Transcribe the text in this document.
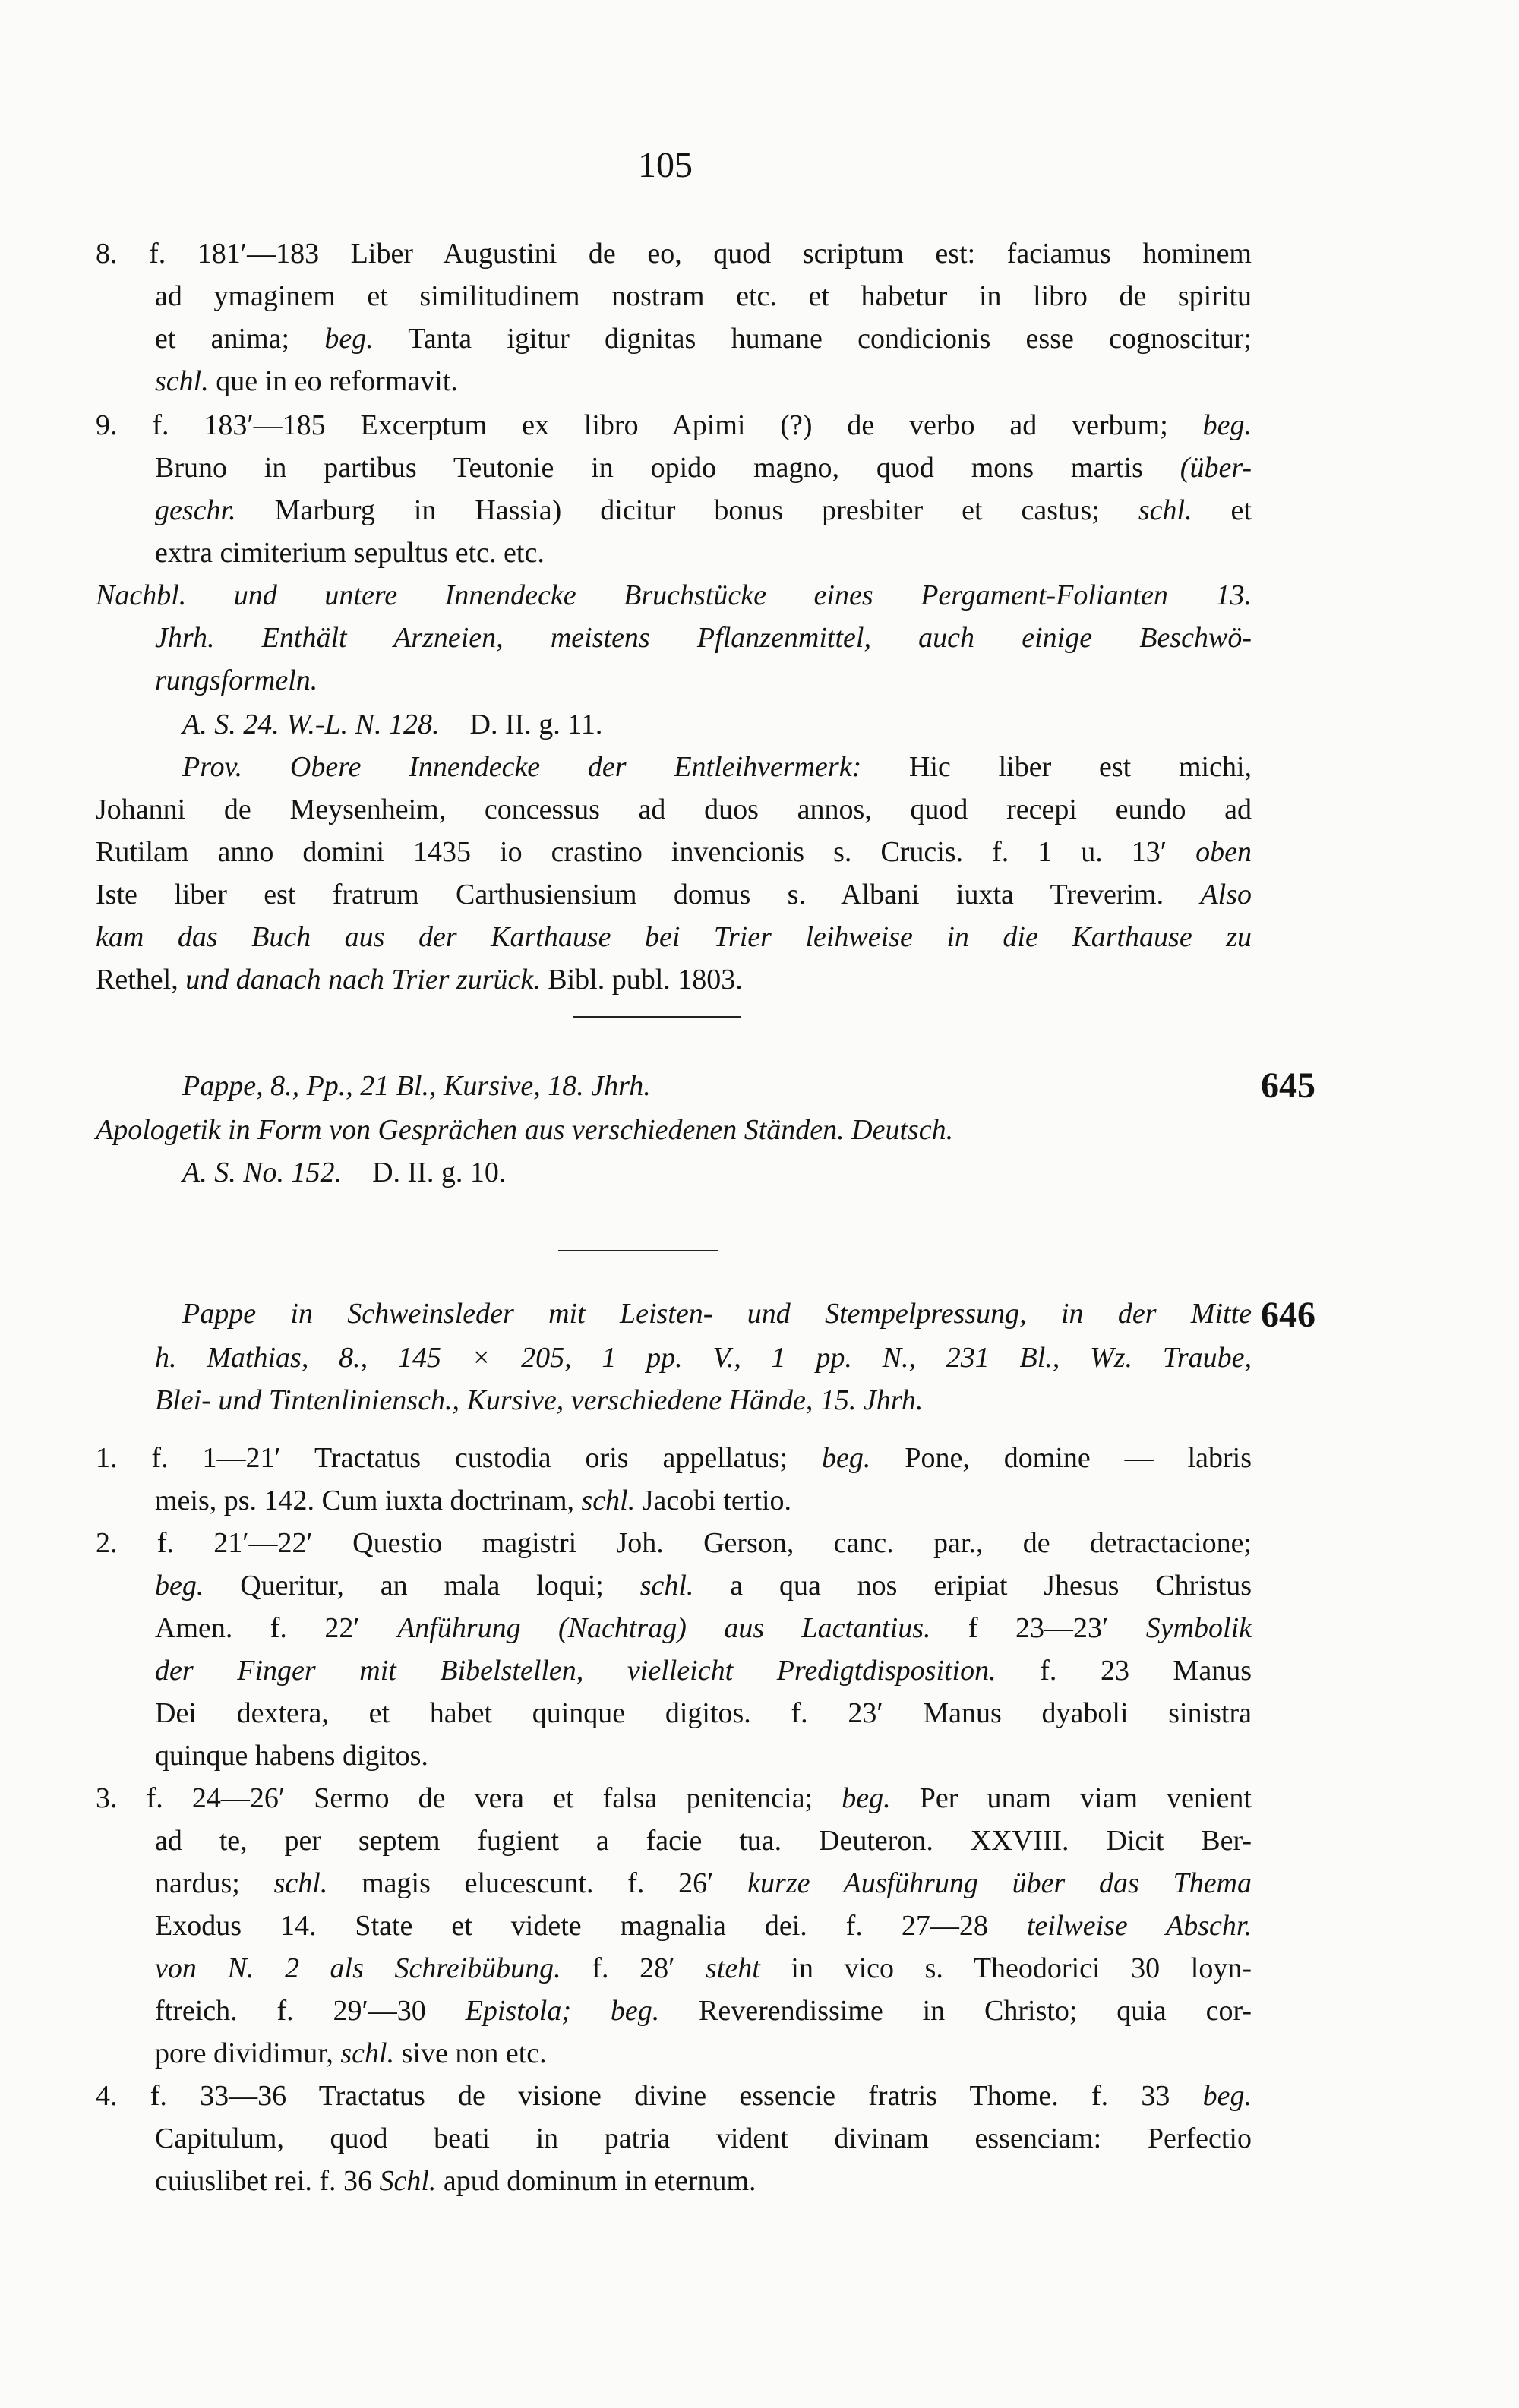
105
8. f. 181′—183 Liber Augustini de eo, quod scriptum est: faciamus hominem
ad ymaginem et similitudinem nostram etc. et habetur in libro de spiritu
et anima; beg. Tanta igitur dignitas humane condicionis esse cognoscitur;
schl. que in eo reformavit.
9. f. 183′—185 Excerptum ex libro Apimi (?) de verbo ad verbum; beg.
Bruno in partibus Teutonie in opido magno, quod mons martis (über-
geschr. Marburg in Hassia) dicitur bonus presbiter et castus; schl. et
extra cimiterium sepultus etc. etc.
Nachbl. und untere Innendecke Bruchstücke eines Pergament-Folianten 13.
Jhrh. Enthält Arzneien, meistens Pflanzenmittel, auch einige Beschwö-
rungsformeln.
A. S. 24. W.-L. N. 128. D. II. g. 11.
Prov. Obere Innendecke der Entleihvermerk: Hic liber est michi,
Johanni de Meysenheim, concessus ad duos annos, quod recepi eundo ad
Rutilam anno domini 1435 io crastino invencionis s. Crucis. f. 1 u. 13′ oben
Iste liber est fratrum Carthusiensium domus s. Albani iuxta Treverim. Also
kam das Buch aus der Karthause bei Trier leihweise in die Karthause zu
Rethel, und danach nach Trier zurück. Bibl. publ. 1803.
Pappe, 8., Pp., 21 Bl., Kursive, 18. Jhrh.	645
Apologetik in Form von Gesprächen aus verschiedenen Ständen. Deutsch.
A. S. No. 152. D. II. g. 10.
Pappe in Schweinsleder mit Leisten- und Stempelpressung, in der Mitte 646
h. Mathias, 8., 145 × 205, 1 pp. V., 1 pp. N., 231 Bl., Wz. Traube,
Blei- und Tintenliniensch., Kursive, verschiedene Hände, 15. Jhrh.
1. f. 1—21′ Tractatus custodia oris appellatus; beg. Pone, domine — labris
meis, ps. 142. Cum iuxta doctrinam, schl. Jacobi tertio.
2. f. 21′—22′ Questio magistri Joh. Gerson, canc. par., de detractacione;
beg. Queritur, an mala loqui; schl. a qua nos eripiat Jhesus Christus
Amen. f. 22′ Anführung (Nachtrag) aus Lactantius. f 23—23′ Symbolik
der Finger mit Bibelstellen, vielleicht Predigtdisposition. f. 23 Manus
Dei dextera, et habet quinque digitos. f. 23′ Manus dyaboli sinistra
quinque habens digitos.
3. f. 24—26′ Sermo de vera et falsa penitencia; beg. Per unam viam venient
ad te, per septem fugient a facie tua. Deuteron. XXVIII. Dicit Ber-
nardus; schl. magis elucescunt. f. 26′ kurze Ausführung über das Thema
Exodus 14. State et videte magnalia dei. f. 27—28 teilweise Abschr.
von N. 2 als Schreibübung. f. 28′ steht in vico s. Theodorici 30 loyn-
ftreich. f. 29′—30 Epistola; beg. Reverendissime in Christo; quia cor-
pore dividimur, schl. sive non etc.
4. f. 33—36 Tractatus de visione divine essencie fratris Thome. f. 33 beg.
Capitulum, quod beati in patria vident divinam essenciam: Perfectio
cuiuslibet rei. f. 36 Schl. apud dominum in eternum.
